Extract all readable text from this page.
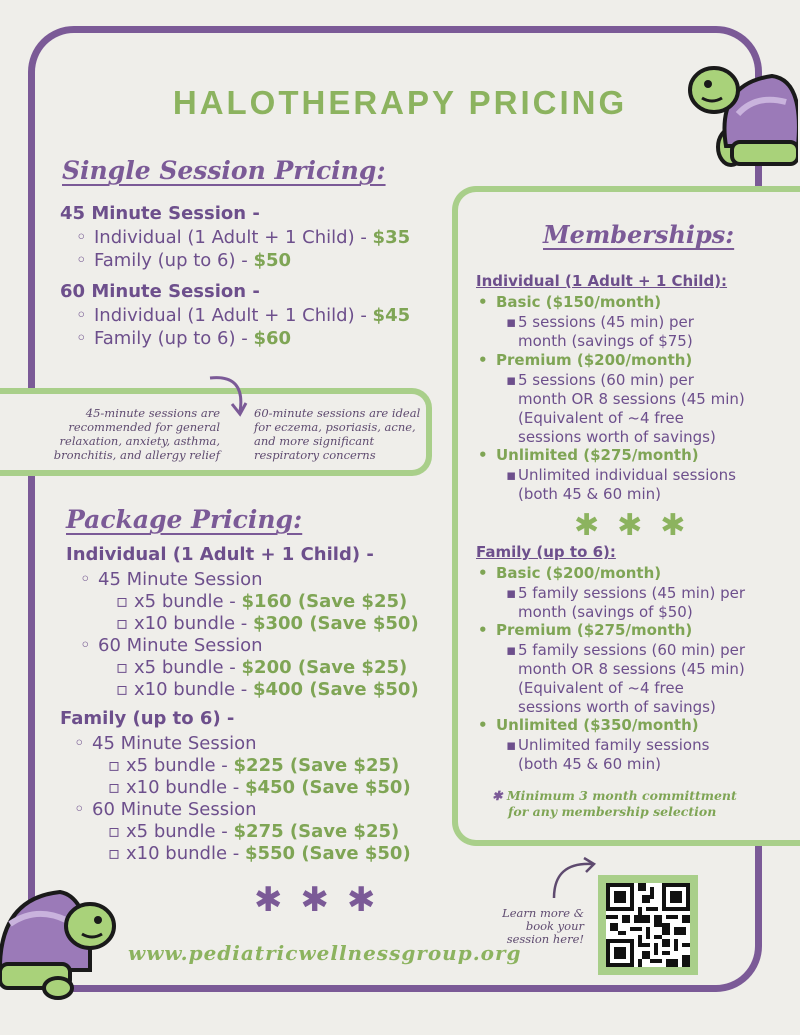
HALOTHERAPY PRICING
Single Session Pricing:
45 Minute Session -
◦ Individual (1 Adult + 1 Child) - $35
◦ Family (up to 6) - $50
60 Minute Session -
◦ Individual (1 Adult + 1 Child) - $45
◦ Family (up to 6) - $60
45-minute sessions are
recommended for general
relaxation, anxiety, asthma,
bronchitis, and allergy relief
60-minute sessions are ideal
for eczema, psoriasis, acne,
and more significant
respiratory concerns
Package Pricing:
Individual (1 Adult + 1 Child) -
◦ 45 Minute Session
▫ x5 bundle - $160 (Save $25)
▫ x10 bundle - $300 (Save $50)
◦ 60 Minute Session
▫ x5 bundle - $200 (Save $25)
▫ x10 bundle - $400 (Save $50)
Family (up to 6) -
◦ 45 Minute Session
▫ x5 bundle - $225 (Save $25)
▫ x10 bundle - $450 (Save $50)
◦ 60 Minute Session
▫ x5 bundle - $275 (Save $25)
▫ x10 bundle - $550 (Save $50)
✱✱✱
Memberships:
Individual (1 Adult + 1 Child):
• Basic ($150/month)
▪ 5 sessions (45 min) per month (savings of $75)
• Premium ($200/month)
▪ 5 sessions (60 min) per month OR 8 sessions (45 min) (Equivalent of ~4 free sessions worth of savings)
• Unlimited ($275/month)
▪ Unlimited individual sessions (both 45 & 60 min)
✱✱✱
Family (up to 6):
• Basic ($200/month)
▪ 5 family sessions (45 min) per month (savings of $50)
• Premium ($275/month)
▪ 5 family sessions (60 min) per month OR 8 sessions (45 min) (Equivalent of ~4 free sessions worth of savings)
• Unlimited ($350/month)
▪ Unlimited family sessions (both 45 & 60 min)
✱ Minimum 3 month committment
for any membership selection
www.pediatricwellnessgroup.org
Learn more &
book your
session here!
